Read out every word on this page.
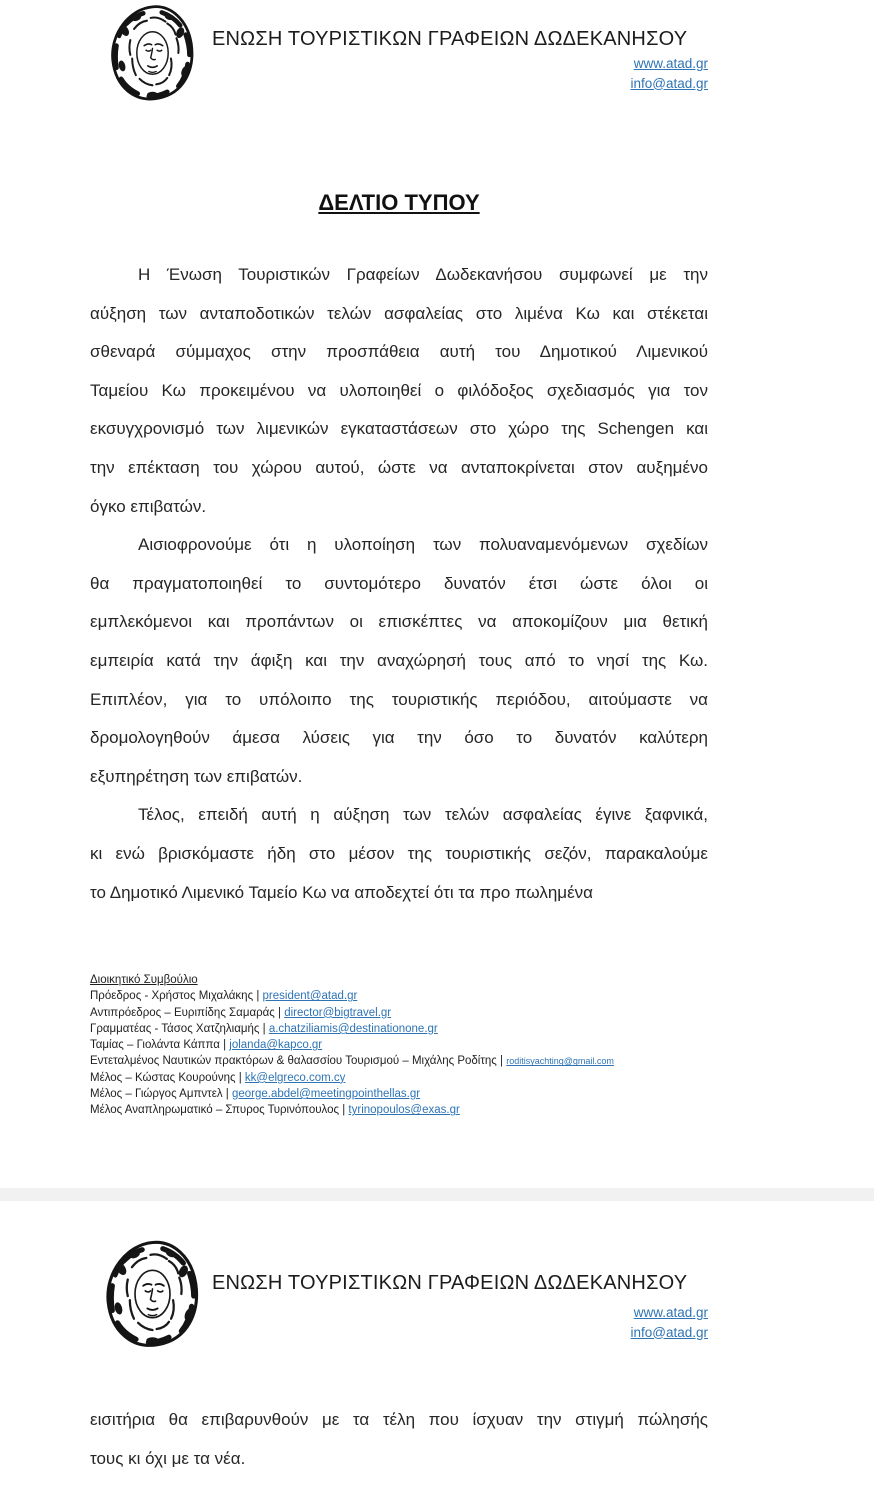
ΕΝΩΣΗ ΤΟΥΡΙΣΤΙΚΩΝ ΓΡΑΦΕΙΩΝ ΔΩΔΕΚΑΝΗΣΟΥ
www.atad.gr
info@atad.gr
ΔΕΛΤΙΟ ΤΥΠΟΥ
Η Ένωση Τουριστικών Γραφείων Δωδεκανήσου συμφωνεί με την
αύξηση των ανταποδοτικών τελών ασφαλείας στο λιμένα Κω και στέκεται
σθεναρά σύμμαχος στην προσπάθεια αυτή του Δημοτικού Λιμενικού
Ταμείου Κω προκειμένου να υλοποιηθεί ο φιλόδοξος σχεδιασμός για τον
εκσυγχρονισμό των λιμενικών εγκαταστάσεων στο χώρο της Schengen και
την επέκταση του χώρου αυτού, ώστε να ανταποκρίνεται στον αυξημένο
όγκο επιβατών.
Αισιοφρονούμε ότι η υλοποίηση των πολυαναμενόμενων σχεδίων
θα πραγματοποιηθεί το συντομότερο δυνατόν έτσι ώστε όλοι οι
εμπλεκόμενοι και προπάντων οι επισκέπτες να αποκομίζουν μια θετική
εμπειρία κατά την άφιξη και την αναχώρησή τους από το νησί της Κω.
Επιπλέον, για το υπόλοιπο της τουριστικής περιόδου, αιτούμαστε να
δρομολογηθούν άμεσα λύσεις για την όσο το δυνατόν καλύτερη
εξυπηρέτηση των επιβατών.
Τέλος, επειδή αυτή η αύξηση των τελών ασφαλείας έγινε ξαφνικά,
κι ενώ βρισκόμαστε ήδη στο μέσον της τουριστικής σεζόν, παρακαλούμε
το Δημοτικό Λιμενικό Ταμείο Κω να αποδεχτεί ότι τα προ πωλημένα
Διοικητικό Συμβούλιο
Πρόεδρος - Χρήστος Μιχαλάκης | president@atad.gr
Αντιπρόεδρος – Ευριπίδης Σαμαράς | director@bigtravel.gr
Γραμματέας - Τάσος Χατζηλιαμής | a.chatziliamis@destinationone.gr
Ταμίας – Γιολάντα Κάππα | jolanda@kapco.gr
Εντεταλμένος Ναυτικών πρακτόρων & θαλασσίου Τουρισμού – Μιχάλης Ροδίτης | roditisyachting@gmail.com
Μέλος – Κώστας Κουρούνης | kk@elgreco.com.cy
Μέλος – Γιώργος Αμπντελ | george.abdel@meetingpointhellas.gr
Μέλος Αναπληρωματικό – Σπυρος Τυρινόπουλος | tyrinopoulos@exas.gr
ΕΝΩΣΗ ΤΟΥΡΙΣΤΙΚΩΝ ΓΡΑΦΕΙΩΝ ΔΩΔΕΚΑΝΗΣΟΥ
www.atad.gr
info@atad.gr
εισιτήρια θα επιβαρυνθούν με τα τέλη που ίσχυαν την στιγμή πώλησής
τους κι όχι με τα νέα.
